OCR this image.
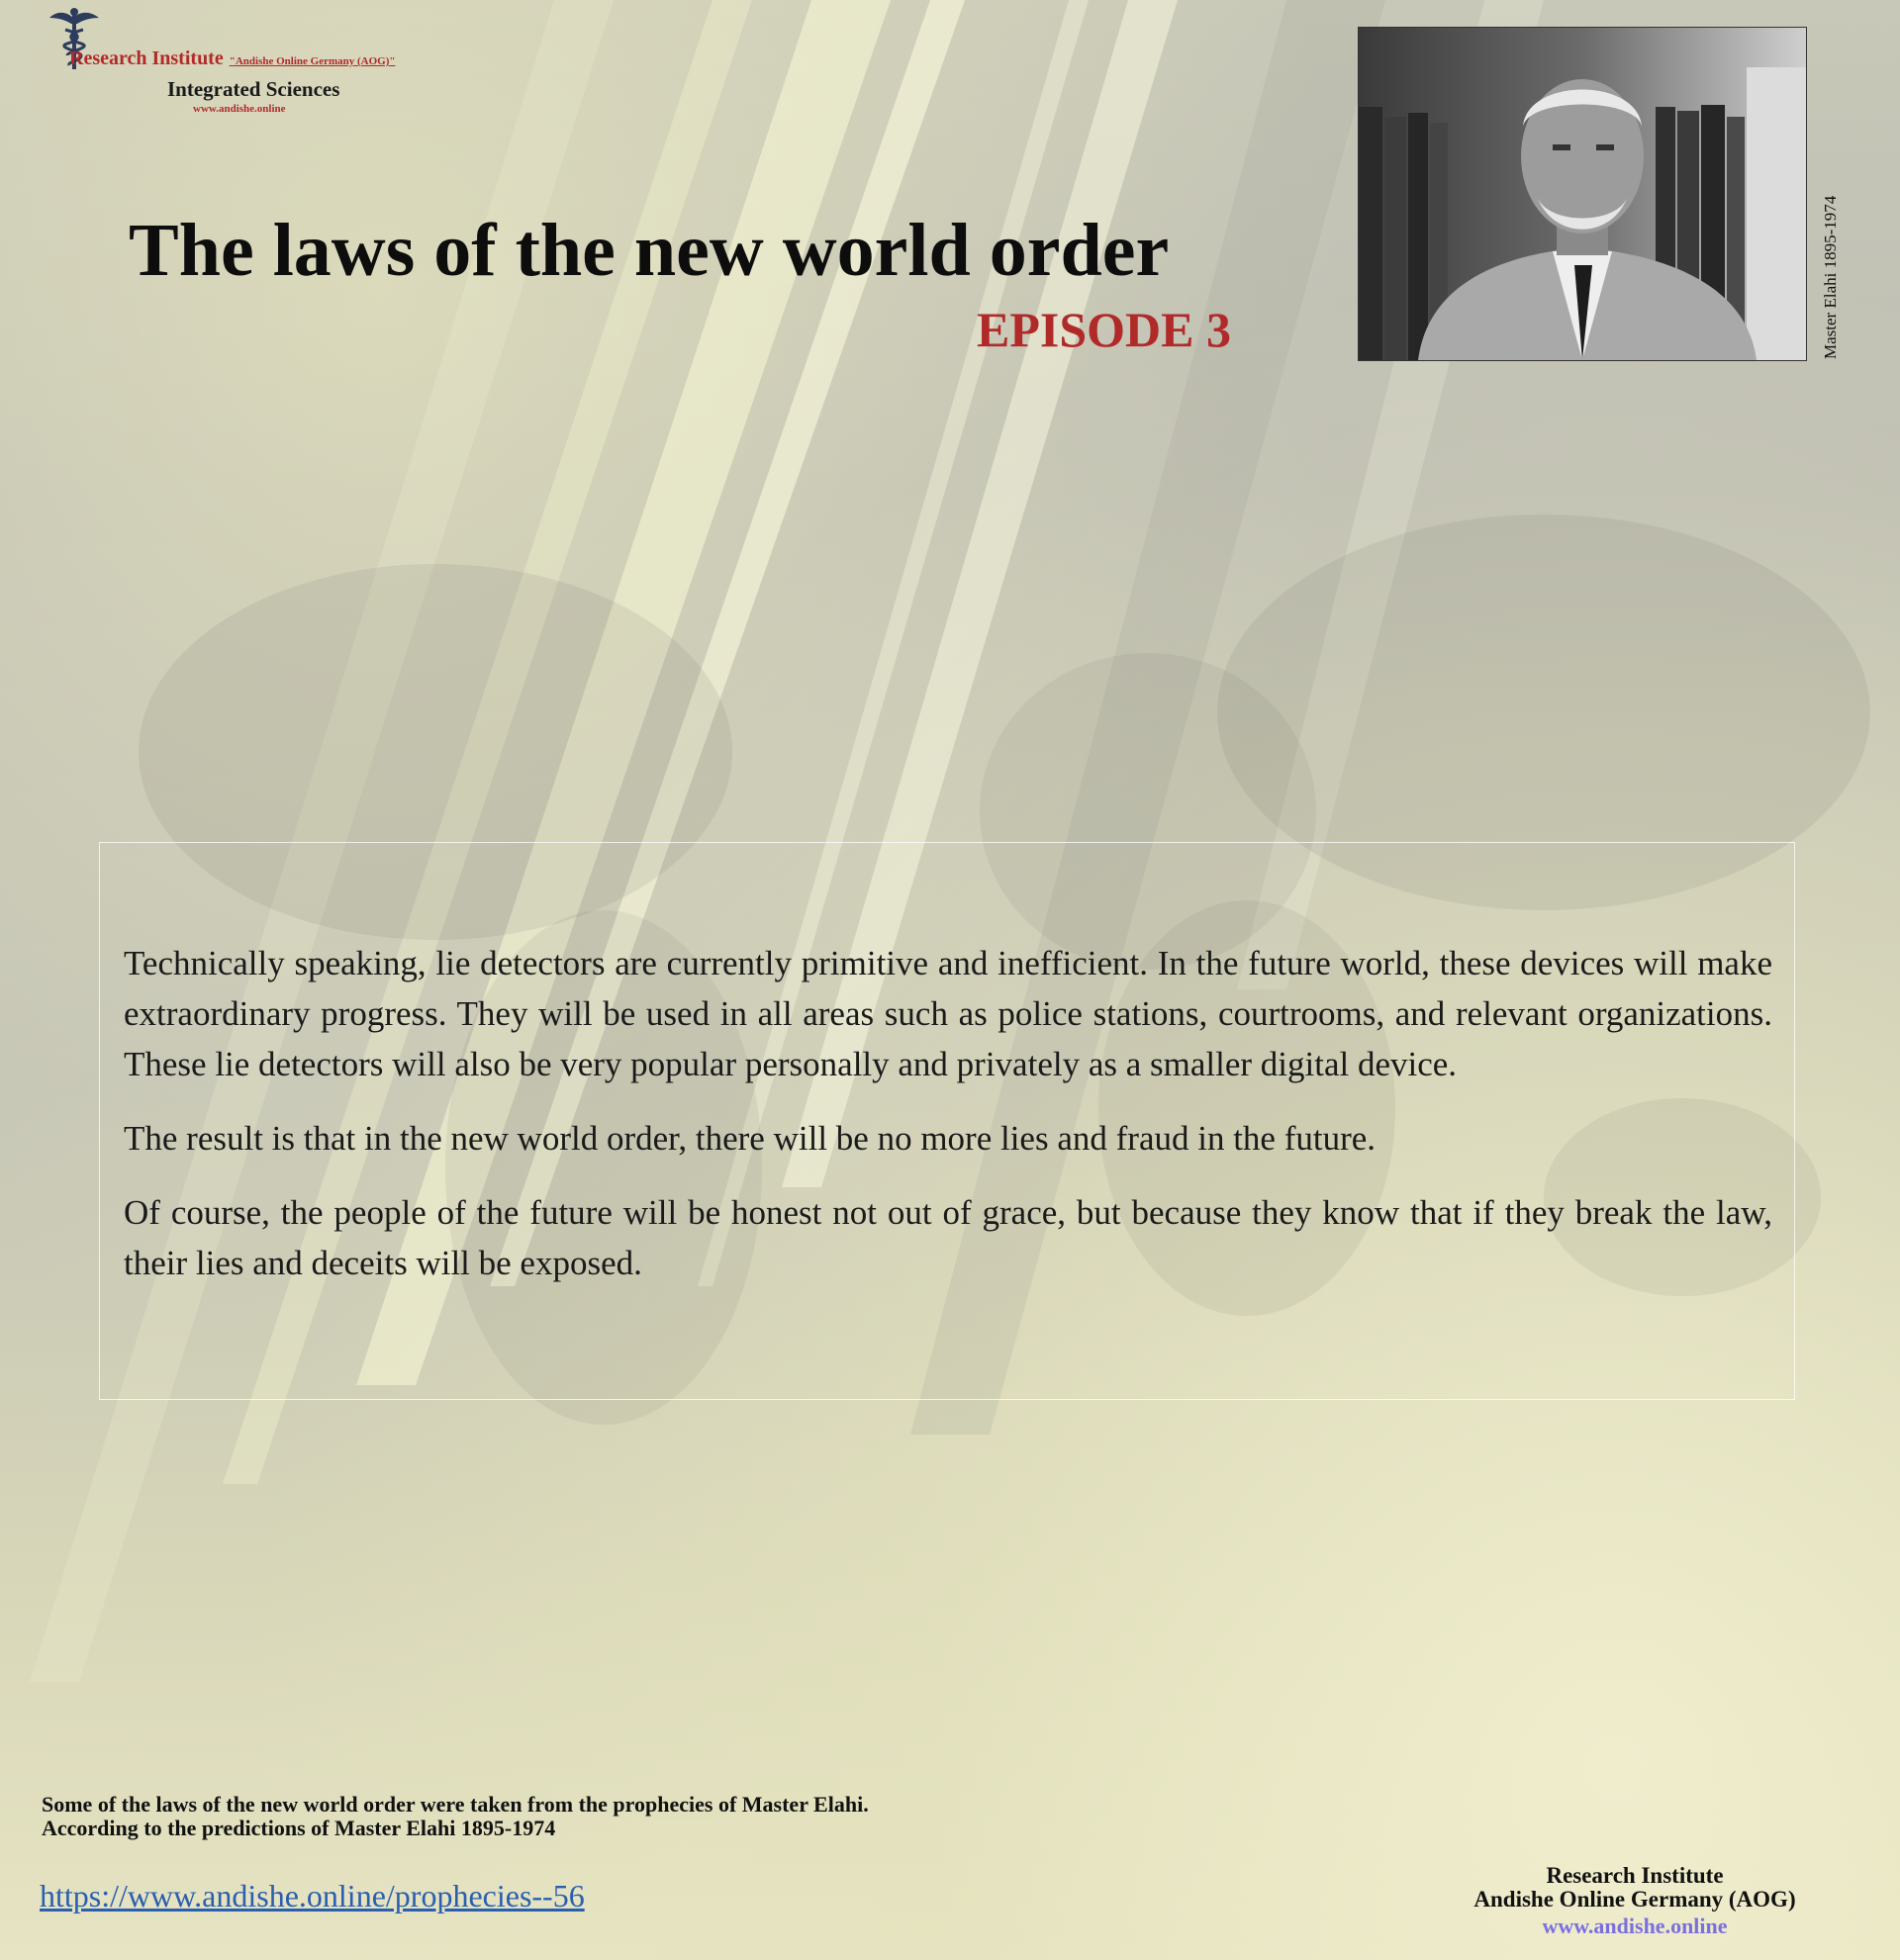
Research Institute "Andishe Online Germany (AOG)"
Integrated Sciences
www.andishe.online
The laws of the new world order
EPISODE 3	Master Elahi 1895-1974

Technically speaking, lie detectors are currently primitive and inefficient. In the future world, these devices will make extraordinary progress. They will be used in all areas such as police stations, courtrooms, and relevant organizations. These lie detectors will also be very popular personally and privately as a smaller digital device.

The result is that in the new world order, there will be no more lies and fraud in the future.

Of course, the people of the future will be honest not out of grace, but because they know that if they break the law, their lies and deceits will be exposed.

Some of the laws of the new world order were taken from the prophecies of Master Elahi.
According to the predictions of Master Elahi 1895-1974
https://www.andishe.online/prophecies--56
Research Institute
Andishe Online Germany (AOG)
www.andishe.online
